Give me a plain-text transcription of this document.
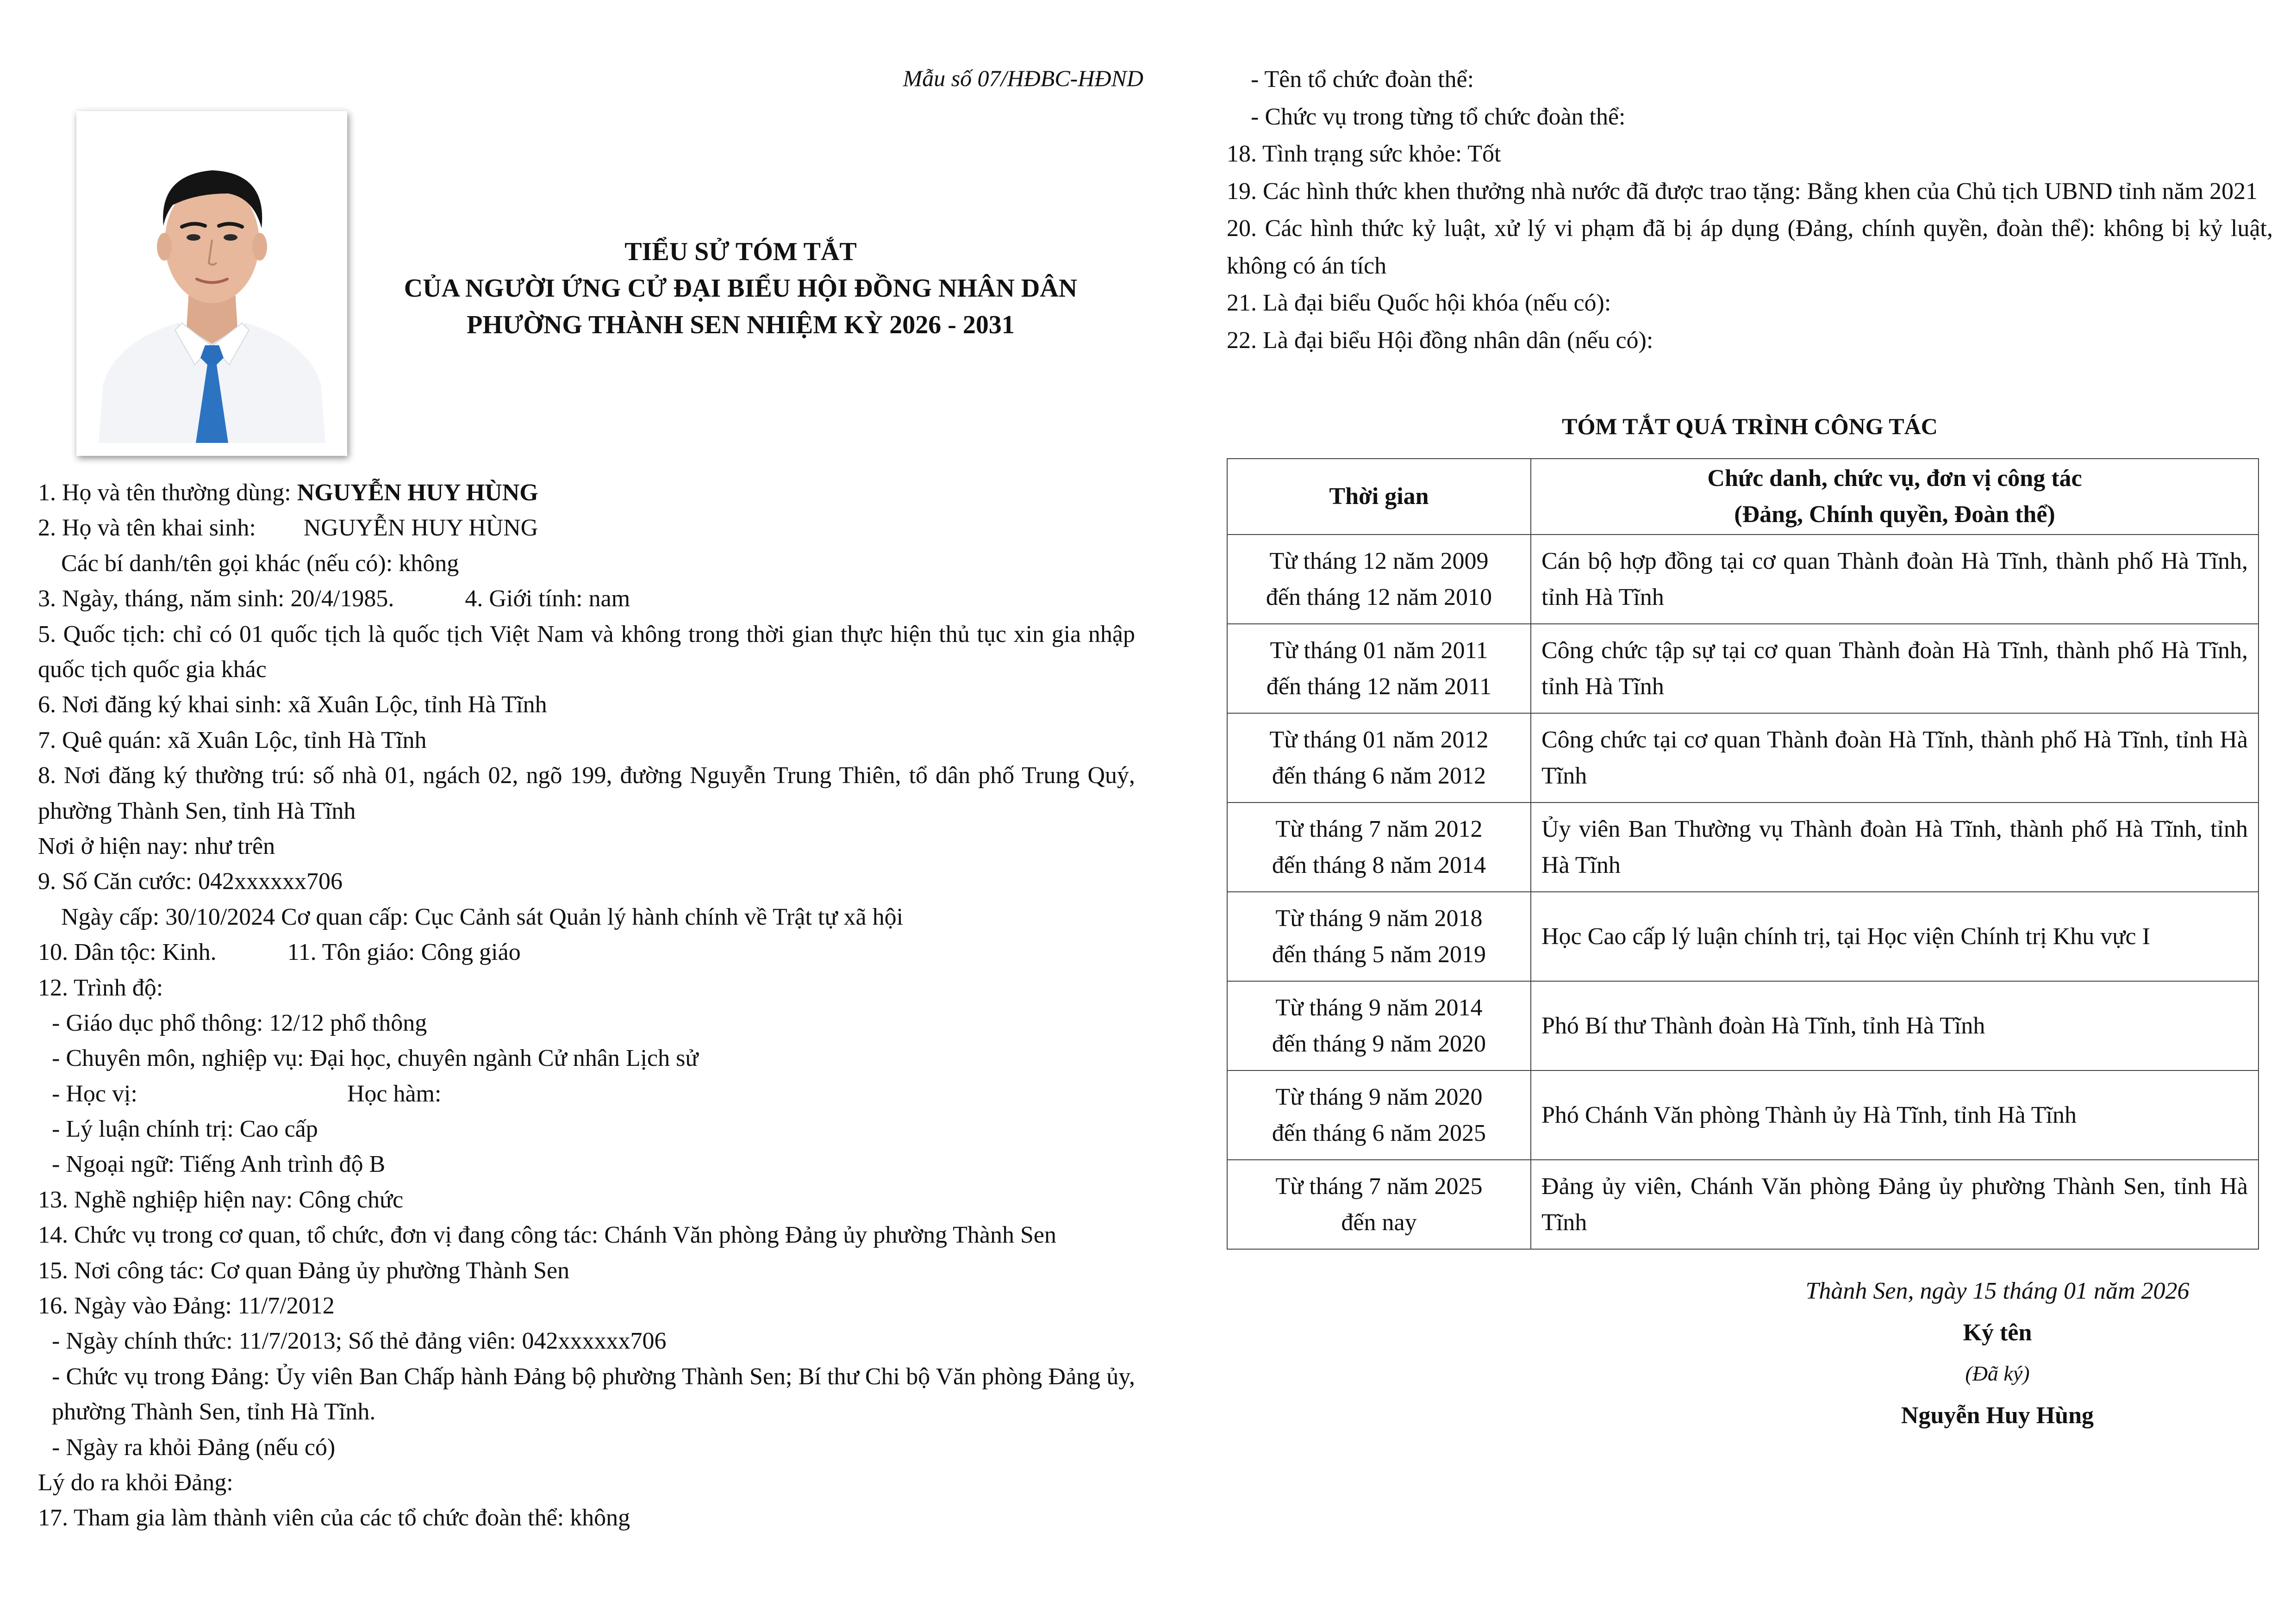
Mẫu số 07/HĐBC-HĐND
TIỂU SỬ TÓM TẮT
CỦA NGƯỜI ỨNG CỬ ĐẠI BIỂU HỘI ĐỒNG NHÂN DÂN
PHƯỜNG THÀNH SEN NHIỆM KỲ 2026 - 2031
1. Họ và tên thường dùng: NGUYỄN HUY HÙNG
2. Họ và tên khai sinh: NGUYỄN HUY HÙNG
Các bí danh/tên gọi khác (nếu có): không
3. Ngày, tháng, năm sinh: 20/4/1985.	4. Giới tính: nam
5. Quốc tịch: chỉ có 01 quốc tịch là quốc tịch Việt Nam và không trong thời gian thực hiện thủ tục xin gia nhập quốc tịch quốc gia khác
6. Nơi đăng ký khai sinh: xã Xuân Lộc, tỉnh Hà Tĩnh
7. Quê quán: xã Xuân Lộc, tỉnh Hà Tĩnh
8. Nơi đăng ký thường trú: số nhà 01, ngách 02, ngõ 199, đường Nguyễn Trung Thiên, tổ dân phố Trung Quý, phường Thành Sen, tỉnh Hà Tĩnh
Nơi ở hiện nay: như trên
9. Số Căn cước: 042xxxxxx706
Ngày cấp: 30/10/2024 Cơ quan cấp: Cục Cảnh sát Quản lý hành chính về Trật tự xã hội
10. Dân tộc: Kinh.	11. Tôn giáo: Công giáo
12. Trình độ:
- Giáo dục phổ thông: 12/12 phổ thông
- Chuyên môn, nghiệp vụ: Đại học, chuyên ngành Cử nhân Lịch sử
- Học vị:	Học hàm:
- Lý luận chính trị: Cao cấp
- Ngoại ngữ: Tiếng Anh trình độ B
13. Nghề nghiệp hiện nay: Công chức
14. Chức vụ trong cơ quan, tổ chức, đơn vị đang công tác: Chánh Văn phòng Đảng ủy phường Thành Sen
15. Nơi công tác: Cơ quan Đảng ủy phường Thành Sen
16. Ngày vào Đảng: 11/7/2012
- Ngày chính thức: 11/7/2013; Số thẻ đảng viên: 042xxxxxx706
- Chức vụ trong Đảng: Ủy viên Ban Chấp hành Đảng bộ phường Thành Sen; Bí thư Chi bộ Văn phòng Đảng ủy, phường Thành Sen, tỉnh Hà Tĩnh.
- Ngày ra khỏi Đảng (nếu có)
Lý do ra khỏi Đảng:
17. Tham gia làm thành viên của các tổ chức đoàn thể: không
- Tên tổ chức đoàn thể:
- Chức vụ trong từng tổ chức đoàn thể:
18. Tình trạng sức khỏe: Tốt
19. Các hình thức khen thưởng nhà nước đã được trao tặng: Bằng khen của Chủ tịch UBND tỉnh năm 2021
20. Các hình thức kỷ luật, xử lý vi phạm đã bị áp dụng (Đảng, chính quyền, đoàn thể): không bị kỷ luật, không có án tích
21. Là đại biểu Quốc hội khóa (nếu có):
22. Là đại biểu Hội đồng nhân dân (nếu có):
TÓM TẮT QUÁ TRÌNH CÔNG TÁC
Thời gian	Chức danh, chức vụ, đơn vị công tác
(Đảng, Chính quyền, Đoàn thể)

Từ tháng 12 năm 2009
đến tháng 12 năm 2010	Cán bộ hợp đồng tại cơ quan Thành đoàn Hà Tĩnh, thành phố Hà Tĩnh, tỉnh Hà Tĩnh

Từ tháng 01 năm 2011
đến tháng 12 năm 2011	Công chức tập sự tại cơ quan Thành đoàn Hà Tĩnh, thành phố Hà Tĩnh, tỉnh Hà Tĩnh

Từ tháng 01 năm 2012
đến tháng 6 năm 2012	Công chức tại cơ quan Thành đoàn Hà Tĩnh, thành phố Hà Tĩnh, tỉnh Hà Tĩnh

Từ tháng 7 năm 2012
đến tháng 8 năm 2014	Ủy viên Ban Thường vụ Thành đoàn Hà Tĩnh, thành phố Hà Tĩnh, tỉnh Hà Tĩnh

Từ tháng 9 năm 2018
đến tháng 5 năm 2019	Học Cao cấp lý luận chính trị, tại Học viện Chính trị Khu vực I

Từ tháng 9 năm 2014
đến tháng 9 năm 2020	Phó Bí thư Thành đoàn Hà Tĩnh, tỉnh Hà Tĩnh

Từ tháng 9 năm 2020
đến tháng 6 năm 2025	Phó Chánh Văn phòng Thành ủy Hà Tĩnh, tỉnh Hà Tĩnh

Từ tháng 7 năm 2025
đến nay	Đảng ủy viên, Chánh Văn phòng Đảng ủy phường Thành Sen, tỉnh Hà Tĩnh
Thành Sen, ngày 15 tháng 01 năm 2026
Ký tên
(Đã ký)
Nguyễn Huy Hùng
